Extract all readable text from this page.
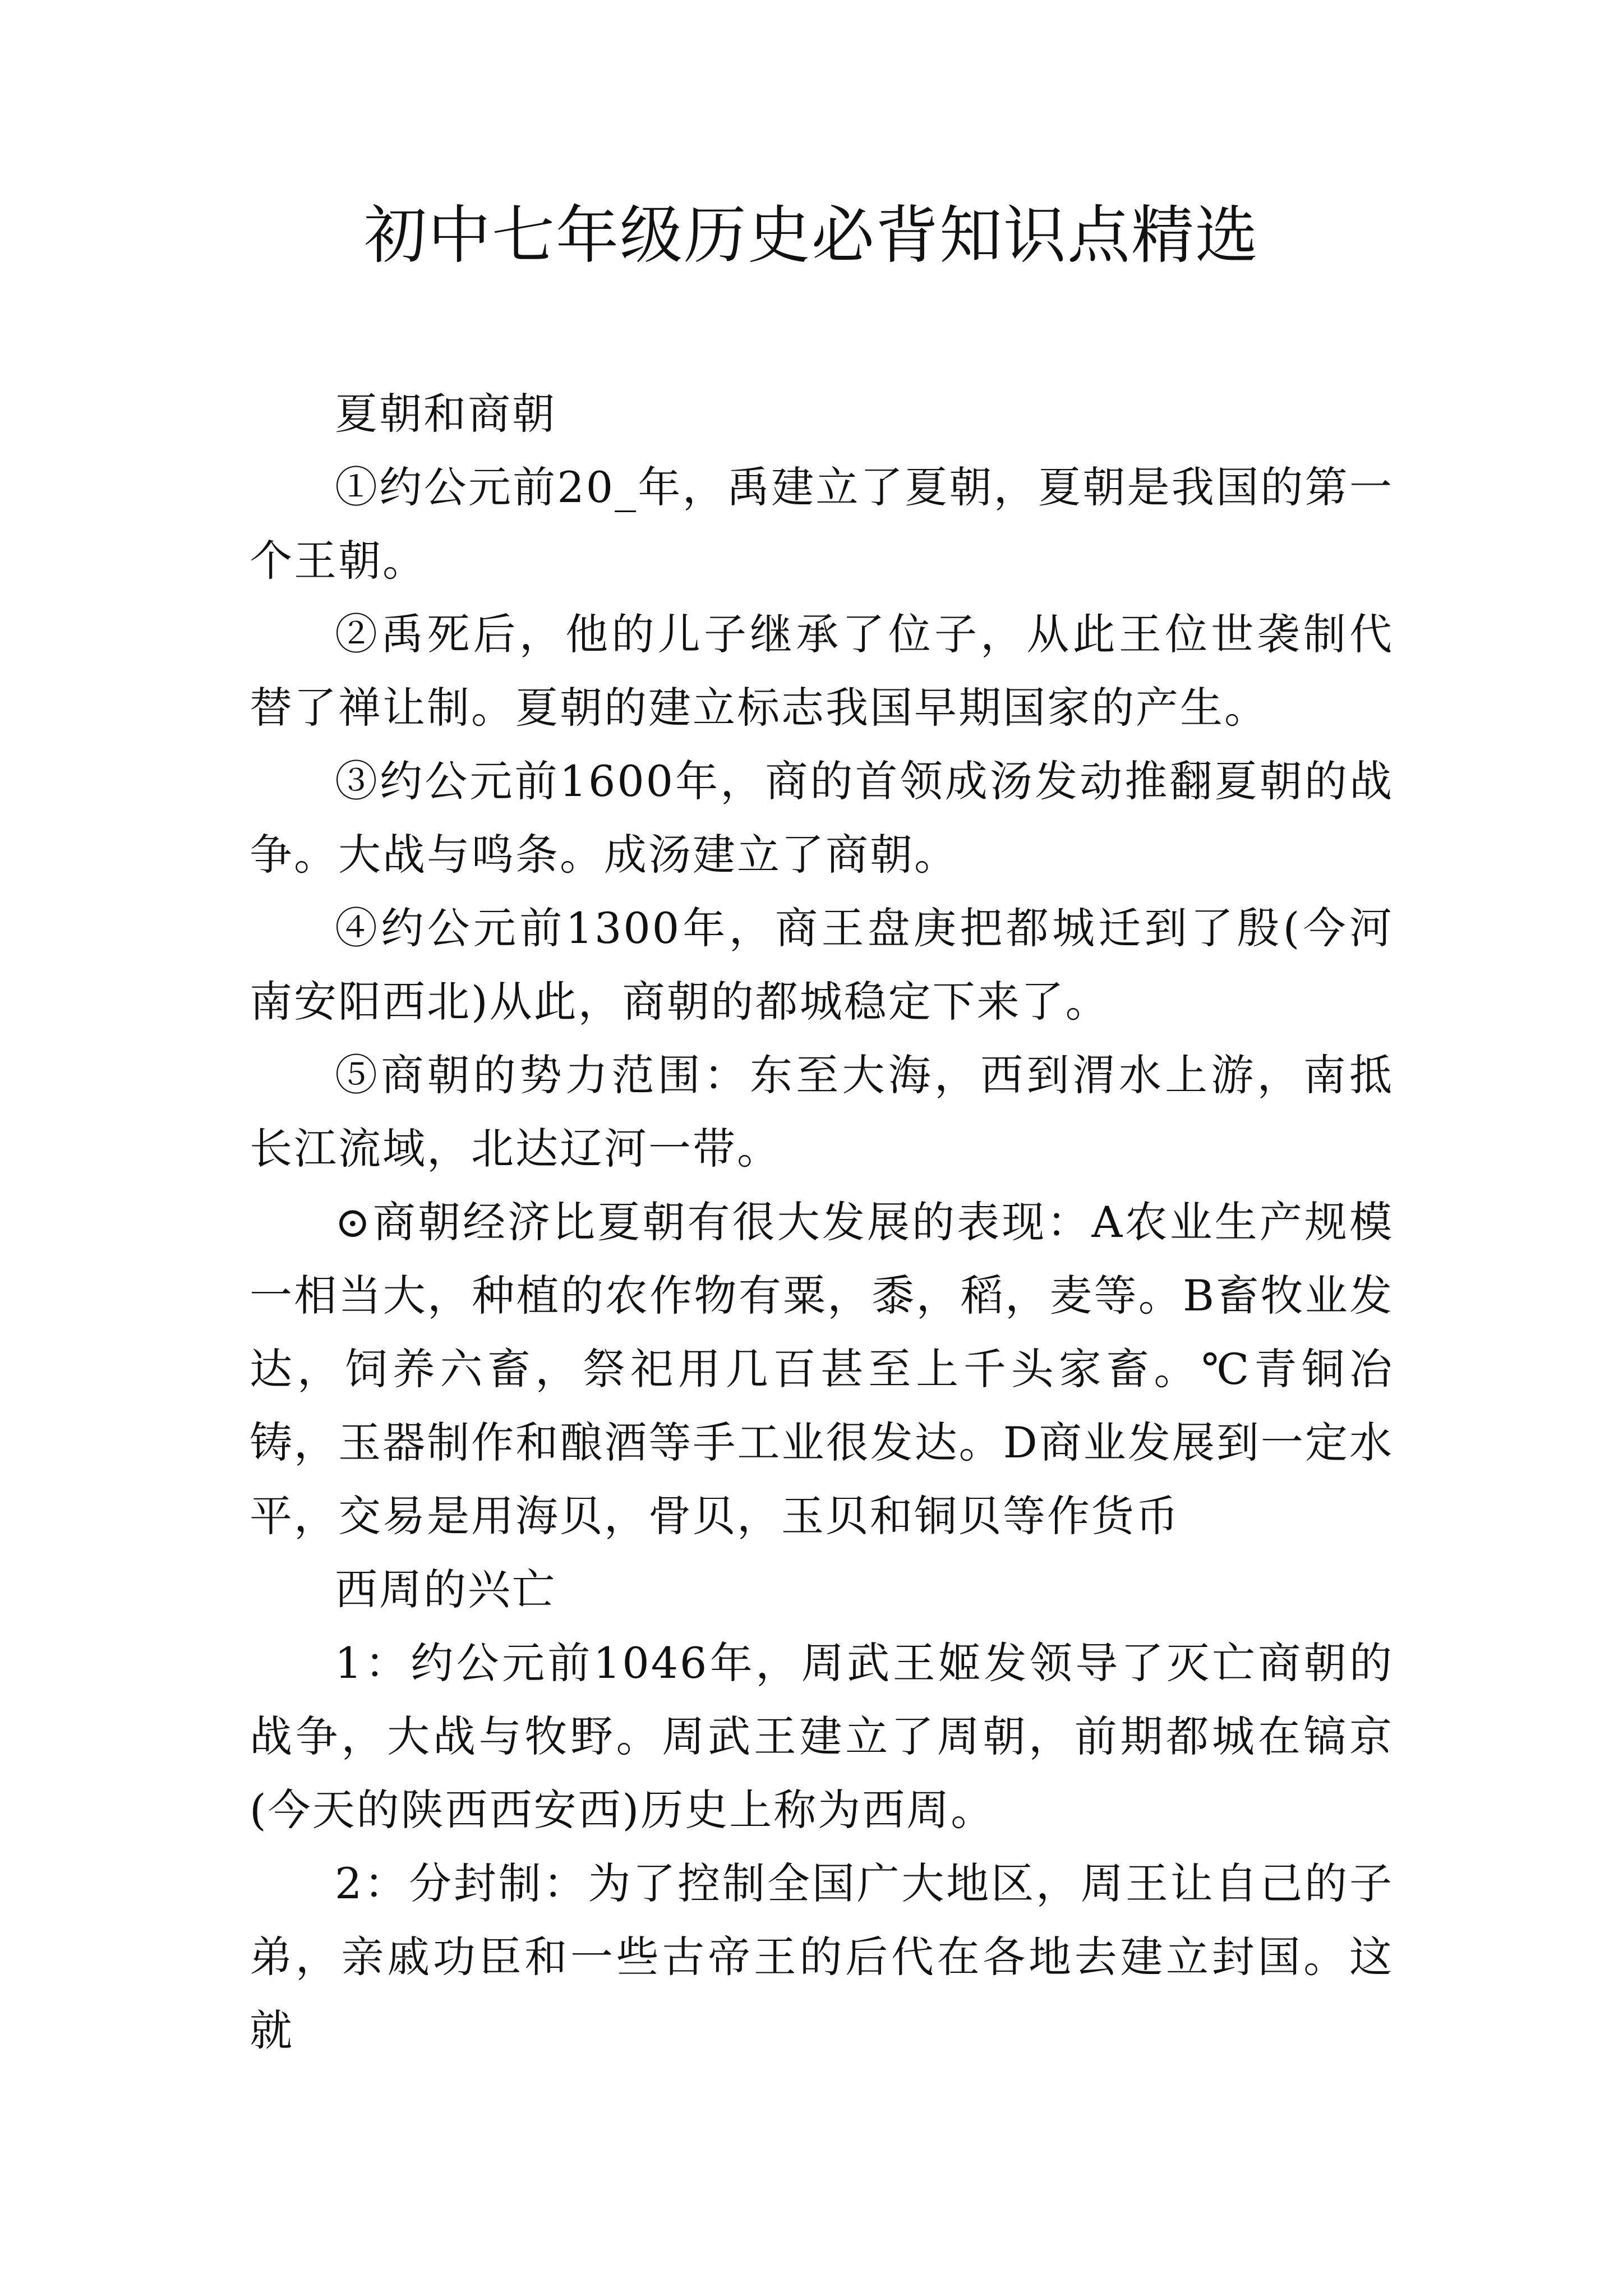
初中七年级历史必背知识点精选

夏朝和商朝

①约公元前20_年，禹建立了夏朝，夏朝是我国的第一个王朝。

②禹死后，他的儿子继承了位子，从此王位世袭制代替了禅让制。夏朝的建立标志我国早期国家的产生。

③约公元前1600年，商的首领成汤发动推翻夏朝的战争。大战与鸣条。成汤建立了商朝。

④约公元前1300年，商王盘庚把都城迁到了殷(今河南安阳西北)从此，商朝的都城稳定下来了。

⑤商朝的势力范围：东至大海，西到渭水上游，南抵长江流域，北达辽河一带。

⊙商朝经济比夏朝有很大发展的表现：A农业生产规模一相当大，种植的农作物有粟，黍，稻，麦等。B畜牧业发达，饲养六畜，祭祀用几百甚至上千头家畜。℃青铜冶铸，玉器制作和酿酒等手工业很发达。D商业发展到一定水平，交易是用海贝，骨贝，玉贝和铜贝等作货币

西周的兴亡

1：约公元前1046年，周武王姬发领导了灭亡商朝的战争，大战与牧野。周武王建立了周朝，前期都城在镐京(今天的陕西西安西)历史上称为西周。

2：分封制：为了控制全国广大地区，周王让自己的子弟，亲戚功臣和一些古帝王的后代在各地去建立封国。这就
